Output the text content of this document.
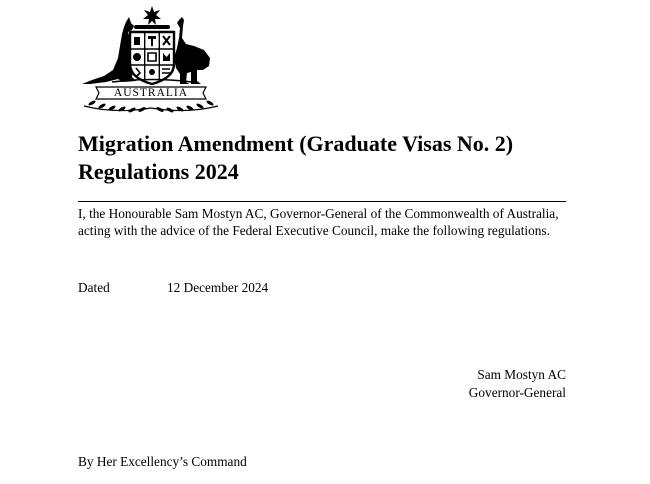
AUSTRALIA
Migration Amendment (Graduate Visas No. 2)
Regulations 2024

I, the Honourable Sam Mostyn AC, Governor-General of the Commonwealth of Australia,
acting with the advice of the Federal Executive Council, make the following regulations.

Dated	12 December 2024
Sam Mostyn AC
Governor-General
By Her Excellency’s Command
